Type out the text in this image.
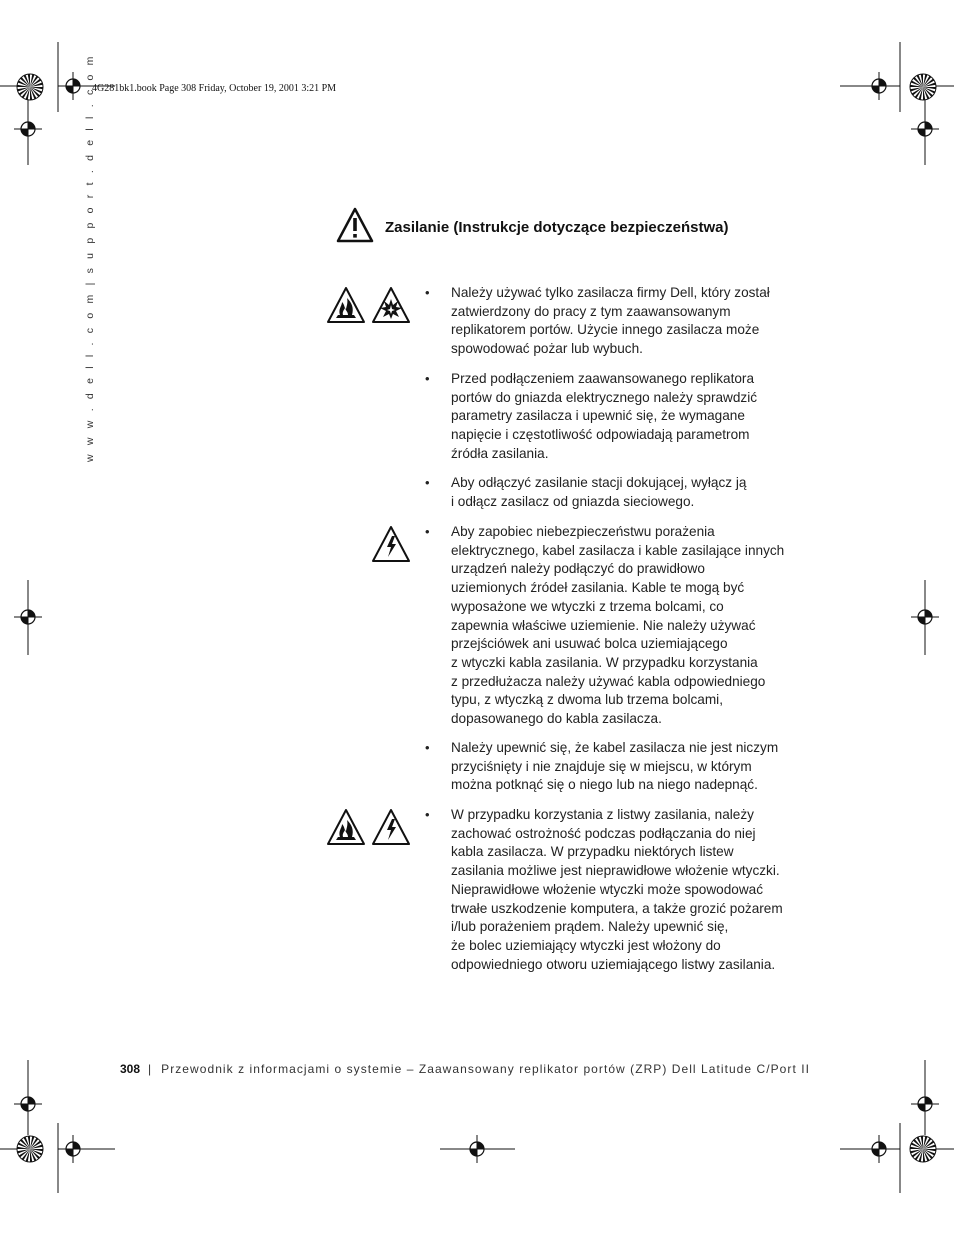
4G281bk1.book Page 308 Friday, October 19, 2001 3:21 PM
w w w . d e l l . c o m | s u p p o r t . d e l l . c o m	Zasilanie (Instrukcje dotyczące bezpieczeństwa)
•	Należy używać tylko zasilacza firmy Dell, który został
zatwierdzony do pracy z tym zaawansowanym
replikatorem portów. Użycie innego zasilacza może
spowodować pożar lub wybuch.
•	Przed podłączeniem zaawansowanego replikatora
portów do gniazda elektrycznego należy sprawdzić
parametry zasilacza i upewnić się, że wymagane
napięcie i częstotliwość odpowiadają parametrom
źródła zasilania.
•	Aby odłączyć zasilanie stacji dokującej, wyłącz ją
i odłącz zasilacz od gniazda sieciowego.
•	Aby zapobiec niebezpieczeństwu porażenia
elektrycznego, kabel zasilacza i kable zasilające innych
urządzeń należy podłączyć do prawidłowo
uziemionych źródeł zasilania. Kable te mogą być
wyposażone we wtyczki z trzema bolcami, co
zapewnia właściwe uziemienie. Nie należy używać
przejściówek ani usuwać bolca uziemiającego
z wtyczki kabla zasilania. W przypadku korzystania
z przedłużacza należy używać kabla odpowiedniego
typu, z wtyczką z dwoma lub trzema bolcami,
dopasowanego do kabla zasilacza.
•	Należy upewnić się, że kabel zasilacza nie jest niczym
przyciśnięty i nie znajduje się w miejscu, w którym
można potknąć się o niego lub na niego nadepnąć.
•	W przypadku korzystania z listwy zasilania, należy
zachować ostrożność podczas podłączania do niej
kabla zasilacza. W przypadku niektórych listew
zasilania możliwe jest nieprawidłowe włożenie wtyczki.
Nieprawidłowe włożenie wtyczki może spowodować
trwałe uszkodzenie komputera, a także grozić pożarem
i/lub porażeniem prądem. Należy upewnić się,
że bolec uziemiający wtyczki jest włożony do
odpowiedniego otworu uziemiającego listwy zasilania.
308 | Przewodnik z informacjami o systemie – Zaawansowany replikator portów (ZRP) Dell Latitude C/Port II
